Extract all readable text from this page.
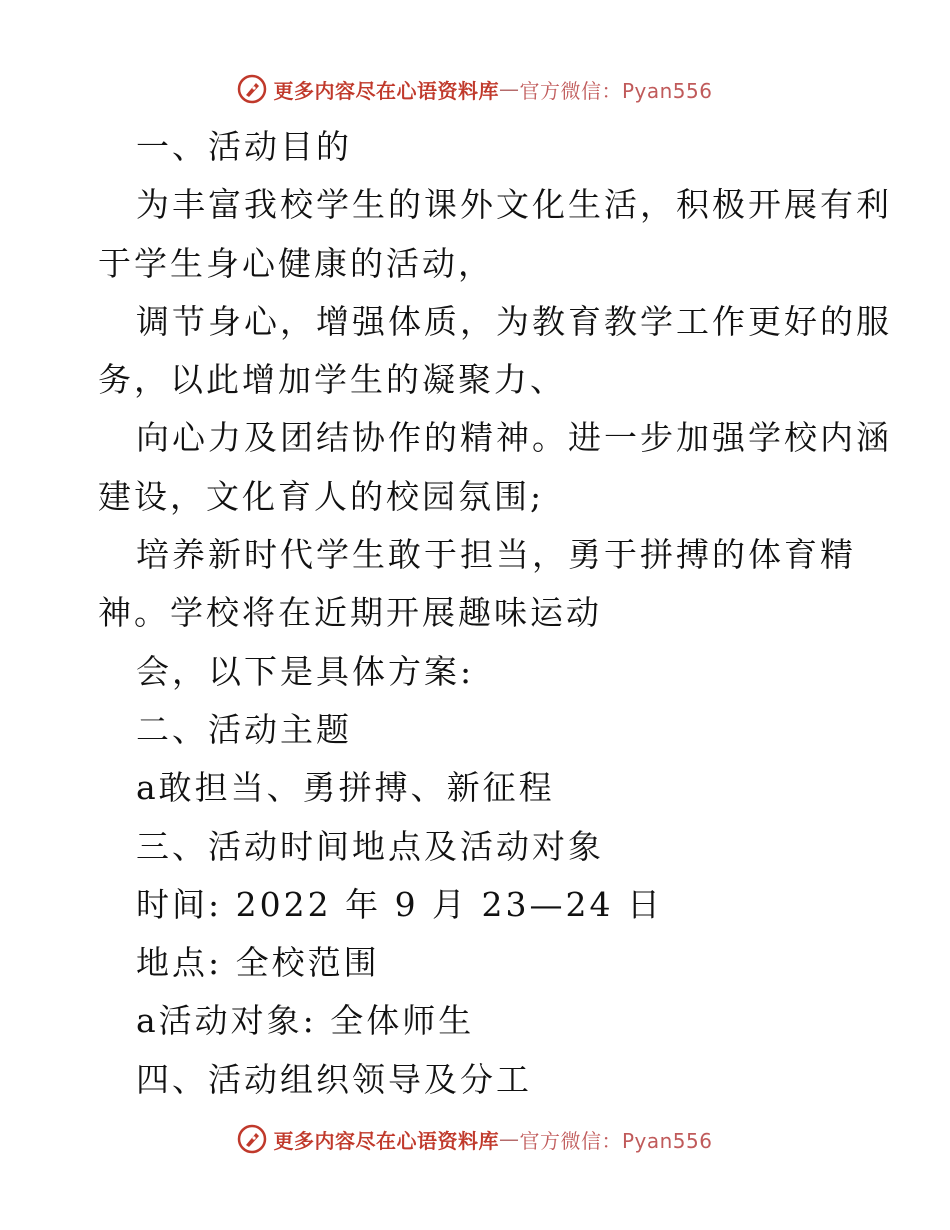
更多内容尽在心语资料库 — 官方微信：Pyan556
一、活动目的
为丰富我校学生的课外文化生活，积极开展有利
于学生身心健康的活动，
调节身心，增强体质，为教育教学工作更好的服
务，以此增加学生的凝聚力、
向心力及团结协作的精神。进一步加强学校内涵
建设，文化育人的校园氛围;
培养新时代学生敢于担当，勇于拼搏的体育精
神。学校将在近期开展趣味运动
会，以下是具体方案:
二、活动主题
a敢担当、勇拼搏、新征程
三、活动时间地点及活动对象
时间: 2022 年 9 月 23—24 日
地点: 全校范围
a活动对象: 全体师生
四、活动组织领导及分工
更多内容尽在心语资料库 — 官方微信：Pyan556
